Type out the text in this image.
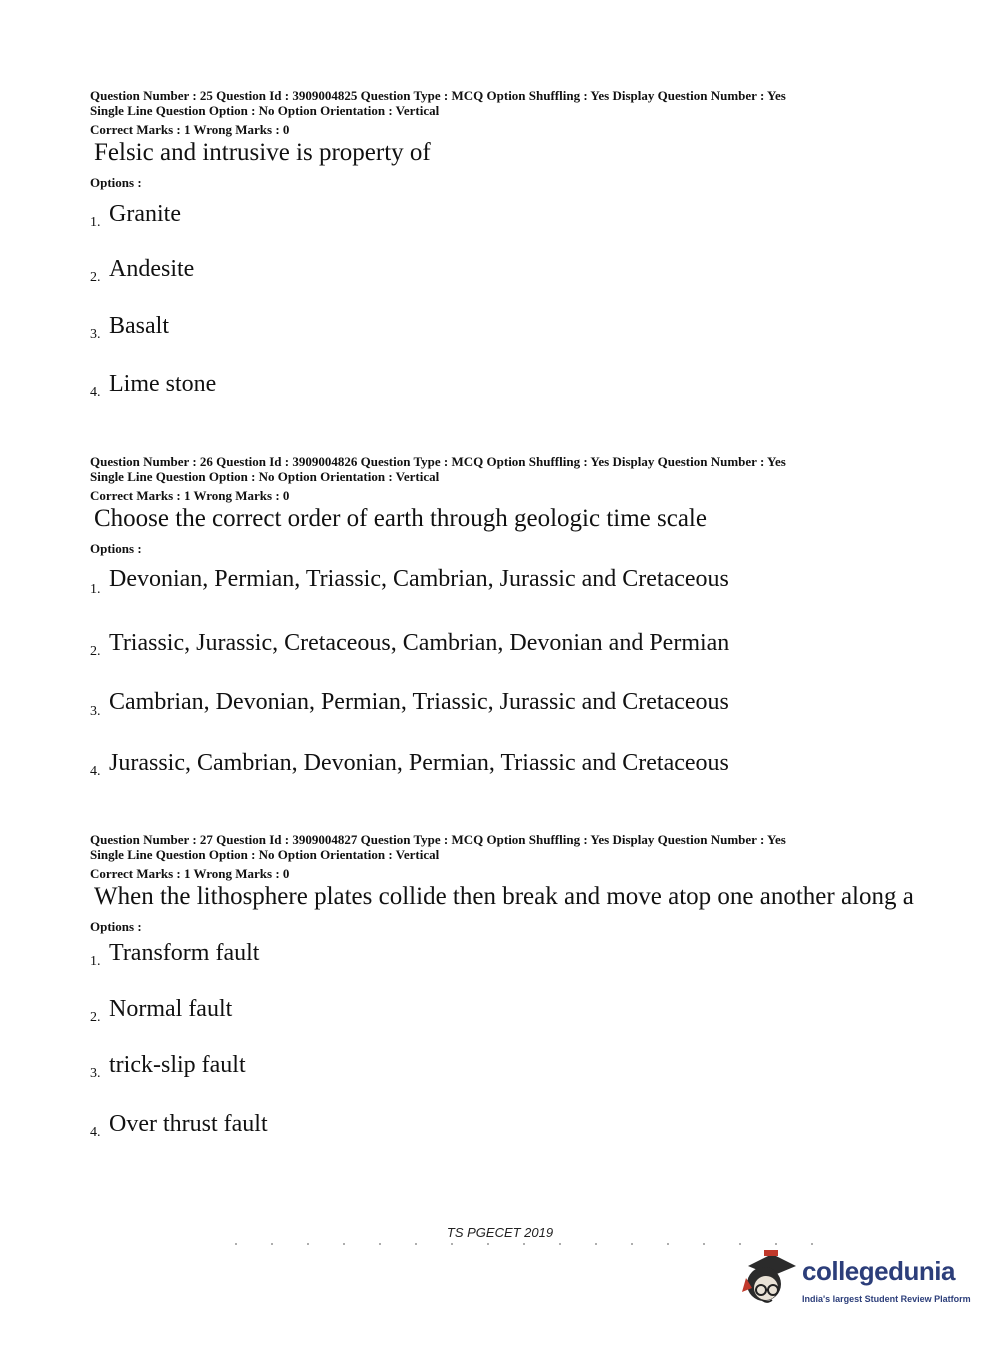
Question Number : 25 Question Id : 3909004825 Question Type : MCQ Option Shuffling : Yes Display Question Number : Yes
Single Line Question Option : No Option Orientation : Vertical
Correct Marks : 1 Wrong Marks : 0
Felsic and intrusive is property of
Options :
1. Granite
2. Andesite
3. Basalt
4. Lime stone
Question Number : 26 Question Id : 3909004826 Question Type : MCQ Option Shuffling : Yes Display Question Number : Yes
Single Line Question Option : No Option Orientation : Vertical
Correct Marks : 1 Wrong Marks : 0
Choose the correct order of earth through geologic time scale
Options :
1. Devonian, Permian, Triassic, Cambrian, Jurassic and Cretaceous
2. Triassic, Jurassic, Cretaceous, Cambrian, Devonian and Permian
3. Cambrian, Devonian, Permian, Triassic, Jurassic and Cretaceous
4. Jurassic, Cambrian, Devonian, Permian, Triassic and Cretaceous
Question Number : 27 Question Id : 3909004827 Question Type : MCQ Option Shuffling : Yes Display Question Number : Yes
Single Line Question Option : No Option Orientation : Vertical
Correct Marks : 1 Wrong Marks : 0
When the lithosphere plates collide then break and move atop one another along a
Options :
1. Transform fault
2. Normal fault
3. trick-slip fault
4. Over thrust fault
TS PGECET 2019
collegedunia
India's largest Student Review Platform
